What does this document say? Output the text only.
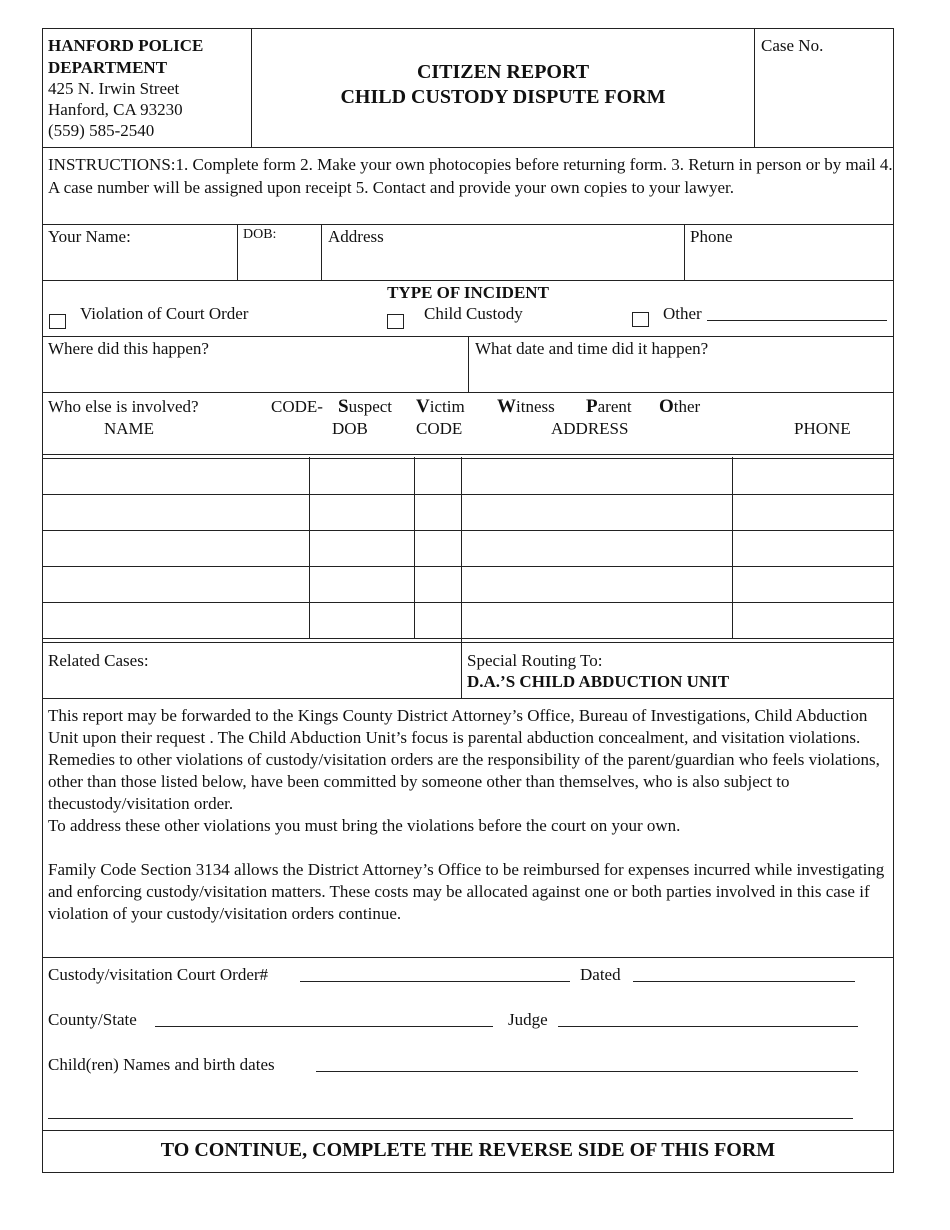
HANFORD POLICE
DEPARTMENT
425 N. Irwin Street
Hanford, CA 93230
(559) 585-2540
CITIZEN REPORT
CHILD CUSTODY DISPUTE FORM
Case No.
INSTRUCTIONS:1. Complete form 2. Make your own photocopies before returning form. 3. Return in person or by mail 4. A case number will be assigned upon receipt 5. Contact and provide your own copies to your lawyer.
Your Name:	DOB:	Address	Phone
TYPE OF INCIDENT
Violation of Court Order	Child Custody	Other
Where did this happen?	What date and time did it happen?
Who else is involved?	CODE- Suspect Victim Witness Parent Other
NAME	DOB	CODE	ADDRESS	PHONE
Related Cases:	Special Routing To:
D.A.’S CHILD ABDUCTION UNIT

This report may be forwarded to the Kings County District Attorney’s Office, Bureau of Investigations, Child Abduction Unit upon their request . The Child Abduction Unit’s focus is parental abduction concealment, and visitation violations. Remedies to other violations of custody/visitation orders are the responsibility of the parent/guardian who feels violations, other than those listed below, have been committed by someone other than themselves, who is also subject to thecustody/visitation order.

To address these other violations you must bring the violations before the court on your own.

Family Code Section 3134 allows the District Attorney’s Office to be reimbursed for expenses incurred while investigating and enforcing custody/visitation matters. These costs may be allocated against one or both parties involved in this case if violation of your custody/visitation orders continue.

Custody/visitation Court Order#	Dated
County/State	Judge
Child(ren) Names and birth dates
TO CONTINUE, COMPLETE THE REVERSE SIDE OF THIS FORM
